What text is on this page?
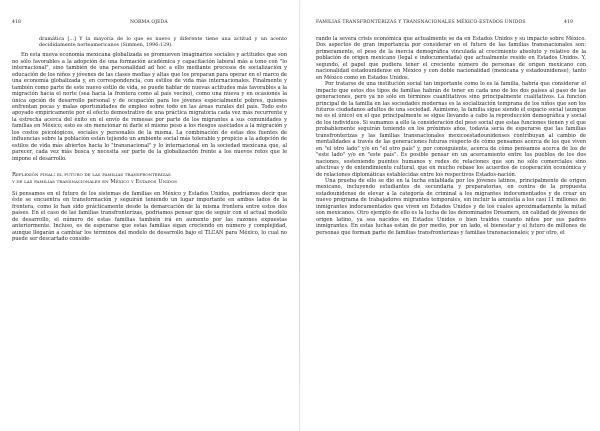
418	NORMA OJEDA

dramática [...] Y la mayoría de lo que es nuevo y diferente tiene una actitud y un acento decididamente norteamericanos (Simmen, 1996:129).

En esta nueva economía mexicana globalizada se promueven imaginarios sociales y actitudes que son no sólo favorables a la adopción de una formación académica y capacitación laboral más a tono con "lo internacional", sino también de una personalidad ad hoc a ello mediante procesos de socialización y educación de los niños y jóvenes de las clases medias y altas que los preparan para operar en el marco de una economía globalizada y, en correspondencia, con estilos de vida más internacionales. Finalmente y también como parte de este nuevo estilo de vida, se puede hablar de nuevas actitudes más favorables a la migración hacia el norte (sea hacia la frontera como al país vecino), como una nueva y en ocasiones la única opción de desarrollo personal y de ocupación para los jóvenes especialmente pobres, quienes enfrentan pocas y malas oportunidades de empleo sobre todo en las áreas rurales del país. Todo esto apoyado empíricamente por el efecto demostrativo de una práctica migratoria cada vez más recurrente y la estrecha acerca del éxito en el envío de remesas por parte de los migrantes a sus comunidades y familias en México; esto es sin mencionar ni darle el mismo peso a los riesgos asociados a la migración y los costos psicológicos, sociales y personales de la misma. La combinación de estas dos fuentes de influencias sobre la población están tejiendo un ambiente social más tolerable y propicio a la adopción de estilos de vida más abiertos hacia lo "transnacional" y lo internacional en la sociedad mexicana que, al parecer, cada vez más busca y necesita ser parte de la globalización frente a los nuevos retos que le impone el desarrollo.

Reflexión final: el futuro de las familias transfronterizas

y de las familias transnacionales en México y Estados Unidos

Si pensamos en el futuro de los sistemas de familias en México y Estados Unidos, podríamos decir que éste se encuentra en transformación y seguirán teniendo un lugar importante en ambos lados de la frontera, como lo han sido prácticamente desde la demarcación de la misma frontera entre estos dos países. En el caso de las familias transfronterizas, podríamos pensar que de seguir con el actual modelo de desarrollo, el número de estas familias también irá en aumento por las razones expuestas anteriormente. Incluso, es de esperarse que estas familias sigan creciendo en número y complejidad, aunque llegarán a cambiar los términos del modelo de desarrollo bajo el TLCAN para México, lo cual no puede ser descartado conside-

FAMILIAS TRANSFRONTERIZAS Y TRANSNACIONALES MÉXICO-ESTADOS UNIDOS	419

rando la severa crisis económica que actualmente se da en Estados Unidos y su impacto sobre México. Dos aspectos de gran importancia por considerar en el futuro de las familias transnacionales son: primeramente, el peso de la inercia demográfica vinculada al crecimiento absoluto y relativo de la población de origen mexicano (legal e indocumentada) que actualmente reside en Estados Unidos. Y, segundo, el papel que pudiera tener el creciente número de personas de origen mexicano con nacionalidad estadounidense en México y con doble nacionalidad (mexicana y estadounidense), tanto en México como en Estados Unidos.

Por tratarse de una institución social tan importante como lo es la familia, habría que considerar el impacto que estos dos tipos de familias habrán de tener en cada uno de los dos países al paso de las generaciones, pero ya no sólo en términos cuantitativos sino principalmente cualitativos. La función principal de la familia en las sociedades modernas es la socialización temprana de los niños que son los futuros ciudadanos adultos de una sociedad. Asimismo, la familia sigue siendo el espacio social (aunque no es el único) en el que principalmente se sigue llevando a cabo la reproducción demográfica y social de los individuos. Si sumamos a ello la consideración del peso social que estas funciones tienen y el que probablemente seguirán teniendo en los próximos años, todavía sería de esperarse que las familias transfronterizas y las familias transnacionales mexicoestadounidenses contribuyan al cambio de mentalidades a través de las generaciones futuras respecto de cómo pensamos acerca de los que viven en "el otro lado" y/o en "el otro país" y, por consiguiente, acerca de cómo pensamos acerca de los de "este lado" y/o en "este país". Es posible pensar en un acercamiento entre los pueblos de los dos naciones, sosteniendo puentes humanos y redes de relaciones que son no sólo comerciales sino afectivas y de entendimiento cultural, que en mucho rebase los acuerdos de cooperación económica y de relaciones diplomáticas establecidas entre los respectivos Estados-nación.

Una prueba de ello se dio en la lucha entablada por los jóvenes latinos, principalmente de origen mexicano, incluyendo estudiantes de secundaria y preparatorias, en contra de la propuesta estadounidense de elevar a la categoría de criminal a los migrantes indocumentados y de crear un nuevo programa de trabajadores migrantes temporales, sin incluir la amnistía a los casi 11 millones de inmigrantes indocumentados que viven en Estados Unidos y de los cuales aproximadamente la mitad son mexicanos. Otro ejemplo de ello es la lucha de los denominados Dreamers, en calidad de jóvenes de origen latino, ya sea nacidos en Estados Unidos o bien traídos cuando niños por sus padres inmigrantes. En estas luchas están de por medio, por un lado, el bienestar y el futuro de millones de personas que forman parte de familias transfronterizas y familias transnacionales; y por otro, el
